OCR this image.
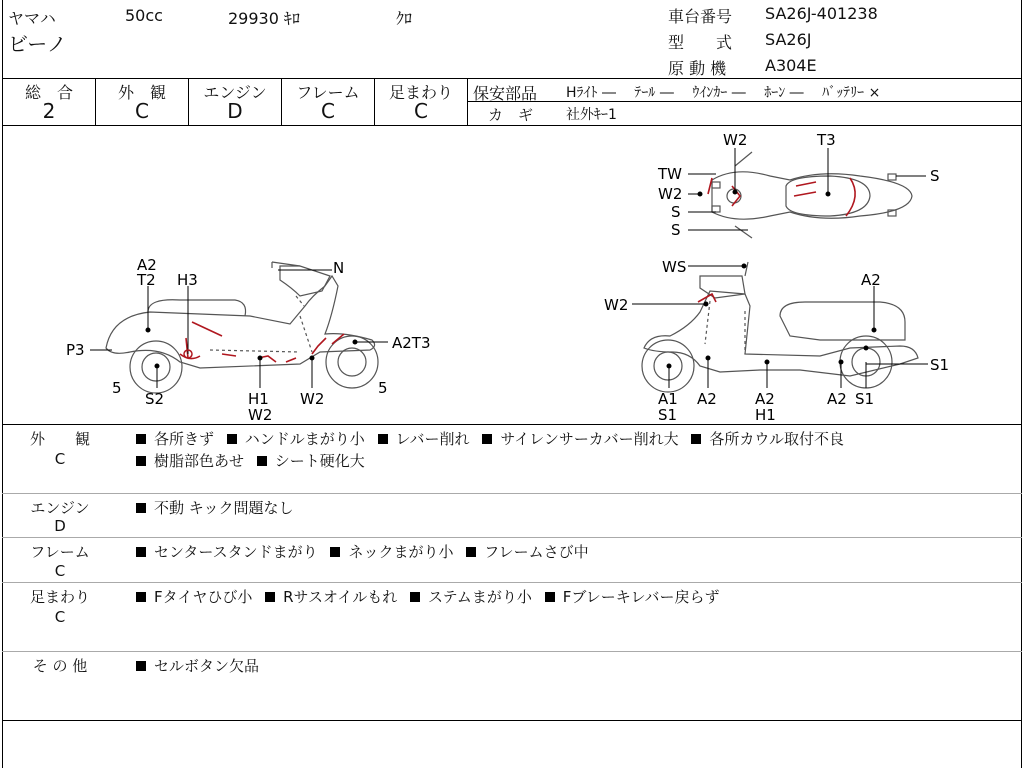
ヤマハ	50cc	29930 ｷﾛ	ｸﾛ
ビーノ
車台番号 SA26J-401238
型　　式 SA26J
原 動 機 A304E
総　合	外　観	エンジン	フレーム	足まわり
2	C	D	C	C
保安部品 Hﾗｲﾄ ―　 ﾃｰﾙ ―　 ｳｲﾝｶｰ ―　 ﾎｰﾝ ―　 ﾊﾞｯﾃﾘｰ ×
カ　ギ 社外ｷｰ1
A2
T2 H3
N
P3	A2T3
5
S2	H1
W2
W2
5
W2	T3
TW
W2
S
S
S
WS
A2
W2
S1
A1
S1
A2	A2
H1
A2 S1
外　　観
C
各所きず ハンドルまがり小 レバー削れ サイレンサーカバー削れ大 各所カウル取付不良
樹脂部色あせ シート硬化大
エンジン
D
不動 キック問題なし
フレーム
C
センタースタンドまがり ネックまがり小 フレームさび中
足まわり
C
Fタイヤひび小 Rサスオイルもれ ステムまがり小 Fブレーキレバー戻らず
そ の 他	セルボタン欠品
